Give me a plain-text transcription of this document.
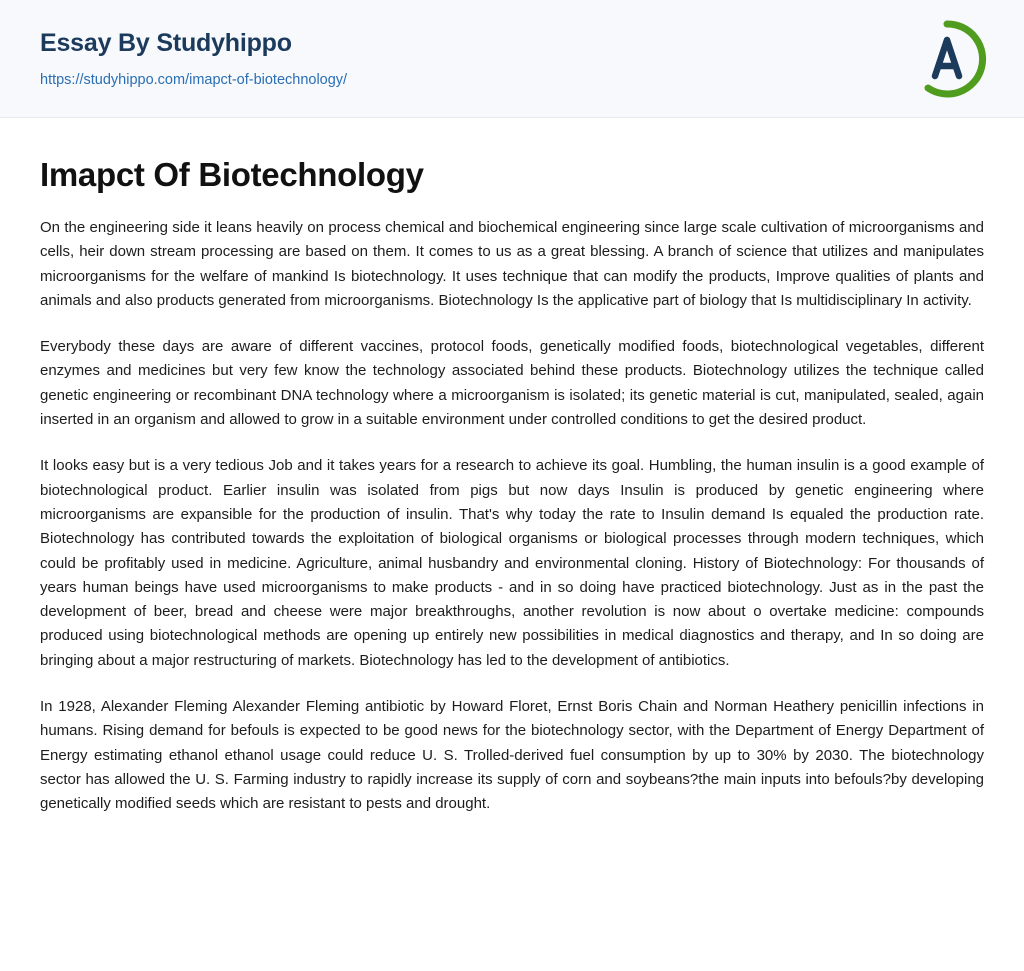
Essay By Studyhippo
https://studyhippo.com/imapct-of-biotechnology/
Imapct Of Biotechnology

On the engineering side it leans heavily on process chemical and biochemical engineering since large scale cultivation of microorganisms and cells, heir down stream processing are based on them. It comes to us as a great blessing. A branch of science that utilizes and manipulates microorganisms for the welfare of mankind Is biotechnology. It uses technique that can modify the products, Improve qualities of plants and animals and also products generated from microorganisms. Biotechnology Is the applicative part of biology that Is multidisciplinary In activity.

Everybody these days are aware of different vaccines, protocol foods, genetically modified foods, biotechnological vegetables, different enzymes and medicines but very few know the technology associated behind these products. Biotechnology utilizes the technique called genetic engineering or recombinant DNA technology where a microorganism is isolated; its genetic material is cut, manipulated, sealed, again inserted in an organism and allowed to grow in a suitable environment under controlled conditions to get the desired product.

It looks easy but is a very tedious Job and it takes years for a research to achieve its goal. Humbling, the human insulin is a good example of biotechnological product. Earlier insulin was isolated from pigs but now days Insulin is produced by genetic engineering where microorganisms are expansible for the production of insulin. That's why today the rate to Insulin demand Is equaled the production rate. Biotechnology has contributed towards the exploitation of biological organisms or biological processes through modern techniques, which could be profitably used in medicine. Agriculture, animal husbandry and environmental cloning. History of Biotechnology: For thousands of years human beings have used microorganisms to make products - and in so doing have practiced biotechnology. Just as in the past the development of beer, bread and cheese were major breakthroughs, another revolution is now about o overtake medicine: compounds produced using biotechnological methods are opening up entirely new possibilities in medical diagnostics and therapy, and In so doing are bringing about a major restructuring of markets. Biotechnology has led to the development of antibiotics.

In 1928, Alexander Fleming Alexander Fleming antibiotic by Howard Floret, Ernst Boris Chain and Norman Heathery penicillin infections in humans. Rising demand for befouls is expected to be good news for the biotechnology sector, with the Department of Energy Department of Energy estimating ethanol ethanol usage could reduce U. S. Trolled-derived fuel consumption by up to 30% by 2030. The biotechnology sector has allowed the U. S. Farming industry to rapidly increase its supply of corn and soybeans?the main inputs into befouls?by developing genetically modified seeds which are resistant to pests and drought.
